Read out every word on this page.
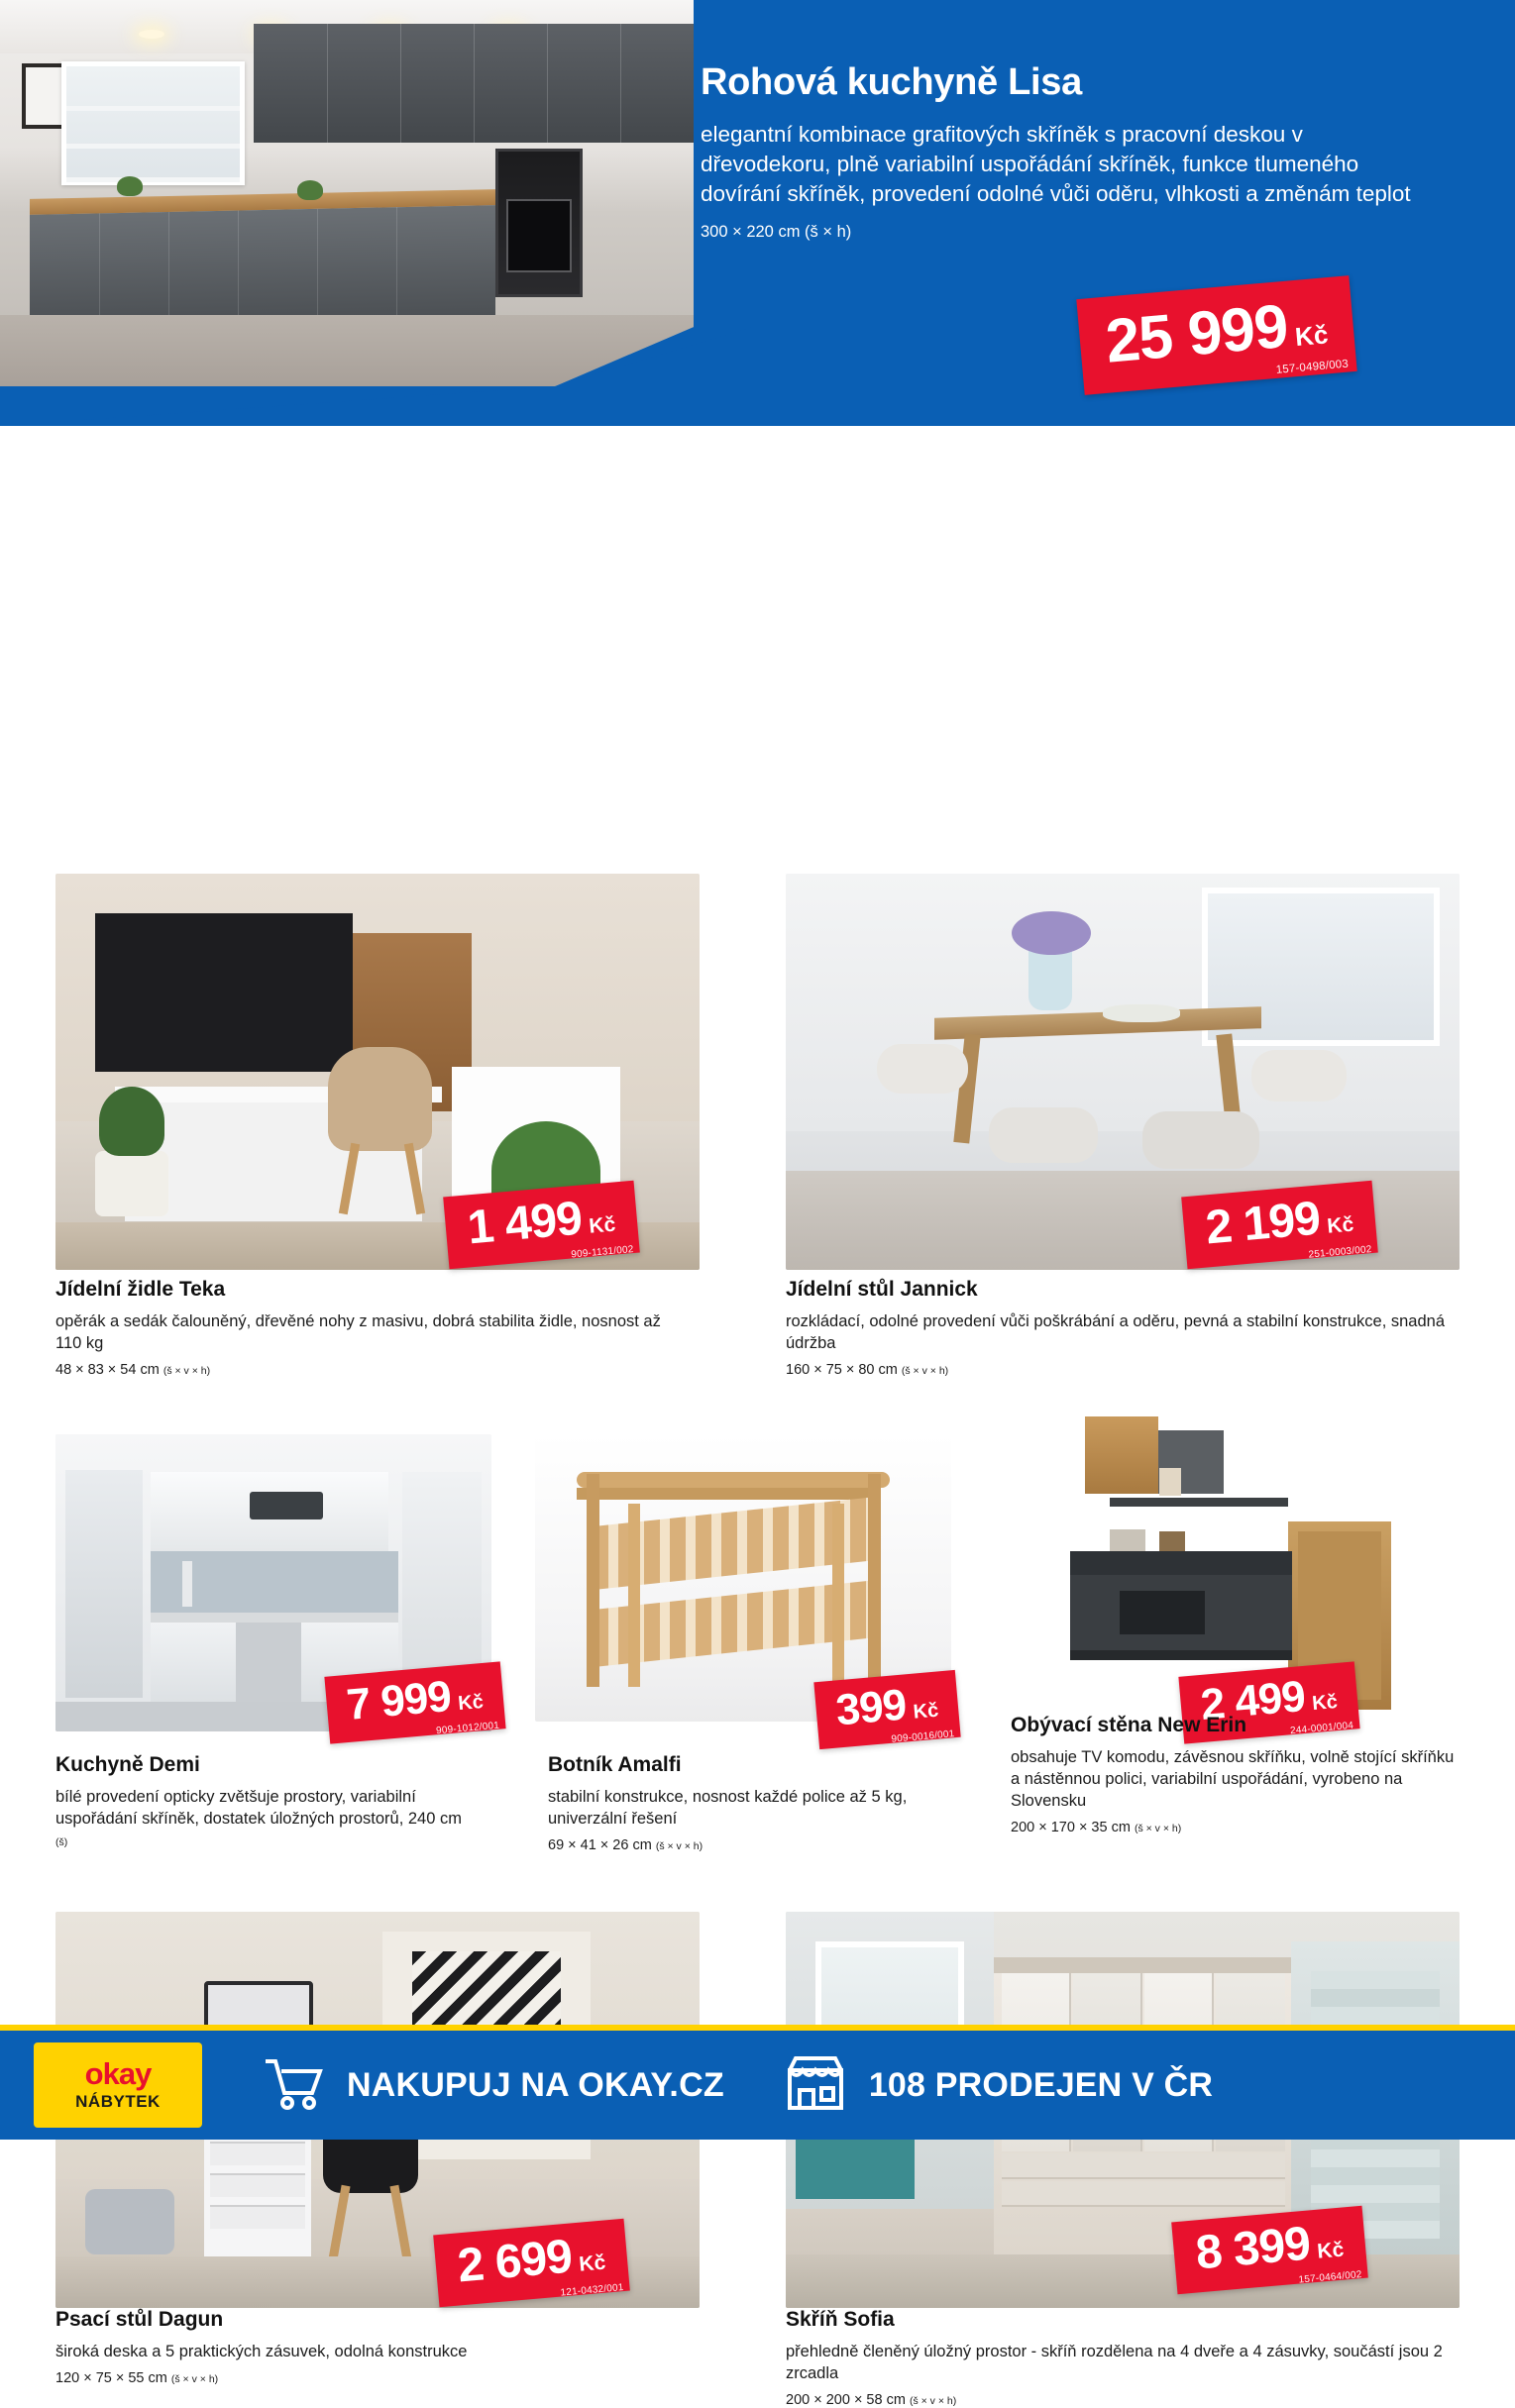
Rohová kuchyně Lisa

elegantní kombinace grafitových skříněk s pracovní deskou v dřevodekoru, plně variabilní uspořádání skříněk, funkce tlumeného dovírání skříněk, provedení odolné vůči oděru, vlhkosti a změnám teplot

300 × 220 cm (š × h)
25 999 Kč
157-0498/003
1 499 Kč
909-1131/002
Jídelní židle Teka

opěrák a sedák čalouněný, dřevěné nohy z masivu, dobrá stabilita židle, nosnost až 110 kg

48 × 83 × 54 cm (š × v × h)
2 199 Kč
251-0003/002
Jídelní stůl Jannick

rozkládací, odolné provedení vůči poškrábání a oděru, pevná a stabilní konstrukce, snadná údržba

160 × 75 × 80 cm (š × v × h)
7 999 Kč
909-1012/001
Kuchyně Demi

bílé provedení opticky zvětšuje prostory, variabilní uspořádání skříněk, dostatek úložných prostorů, 240 cm (š)

399 Kč
909-0016/001
Botník Amalfi

stabilní konstrukce, nosnost každé police až 5 kg, univerzální řešení

69 × 41 × 26 cm (š × v × h)
2 499 Kč
244-0001/004
Obývací stěna New Erin

obsahuje TV komodu, závěsnou skříňku, volně stojící skříňku a nástěnnou polici, variabilní uspořádání, vyrobeno na Slovensku

200 × 170 × 35 cm (š × v × h)
2 699 Kč
121-0432/001
Psací stůl Dagun

široká deska a 5 praktických zásuvek, odolná konstrukce

120 × 75 × 55 cm (š × v × h)
8 399 Kč
157-0464/002
Skříň Sofia

přehledně členěný úložný prostor - skříň rozdělena na 4 dveře a 4 zásuvky, součástí jsou 2 zrcadla

200 × 200 × 58 cm (š × v × h)
okay
NÁBYTEK	NAKUPUJ NA OKAY.CZ	108 PRODEJEN V ČR
